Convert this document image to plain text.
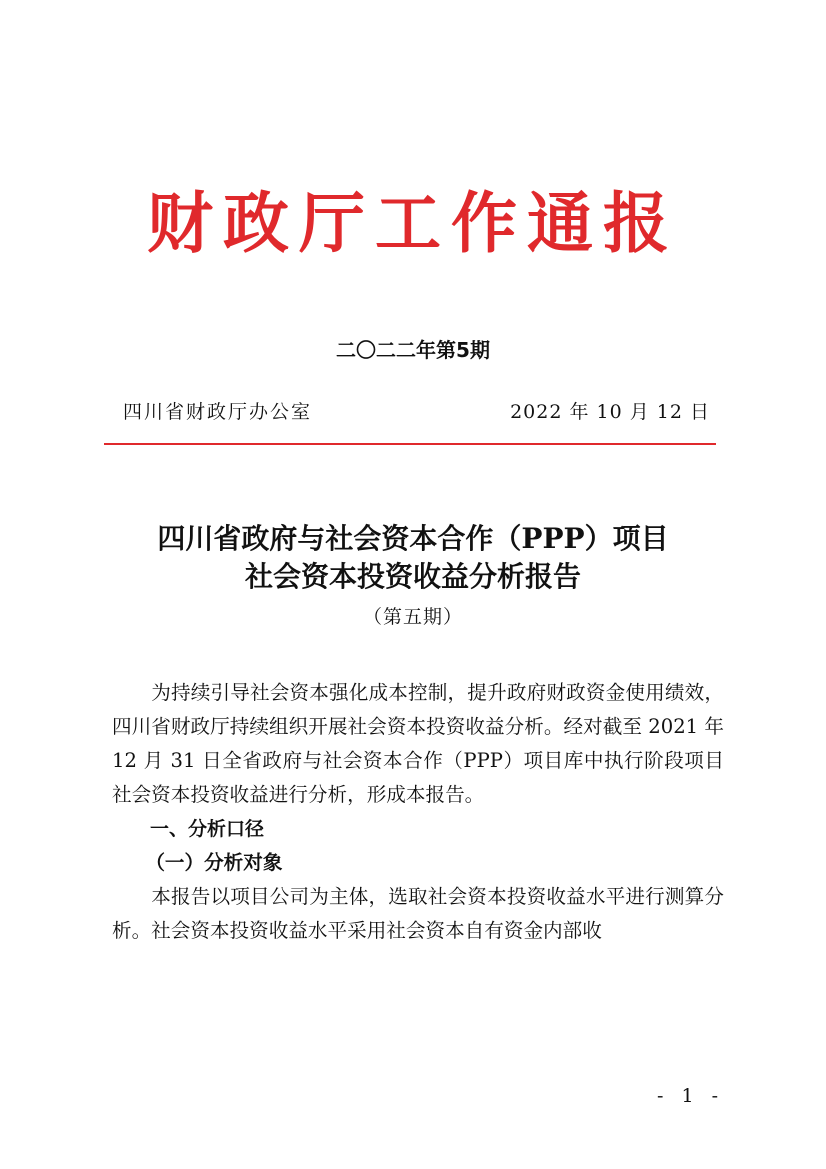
财政厅工作通报
二〇二二年第5期
四川省财政厅办公室	2022 年 10 月 12 日
四川省政府与社会资本合作（PPP）项目
社会资本投资收益分析报告
（第五期）

为持续引导社会资本强化成本控制，提升政府财政资金使用绩效，四川省财政厅持续组织开展社会资本投资收益分析。经对截至 2021 年 12 月 31 日全省政府与社会资本合作（PPP）项目库中执行阶段项目社会资本投资收益进行分析，形成本报告。

一、分析口径
（一）分析对象

本报告以项目公司为主体，选取社会资本投资收益水平进行测算分析。社会资本投资收益水平采用社会资本自有资金内部收

- 1 -
